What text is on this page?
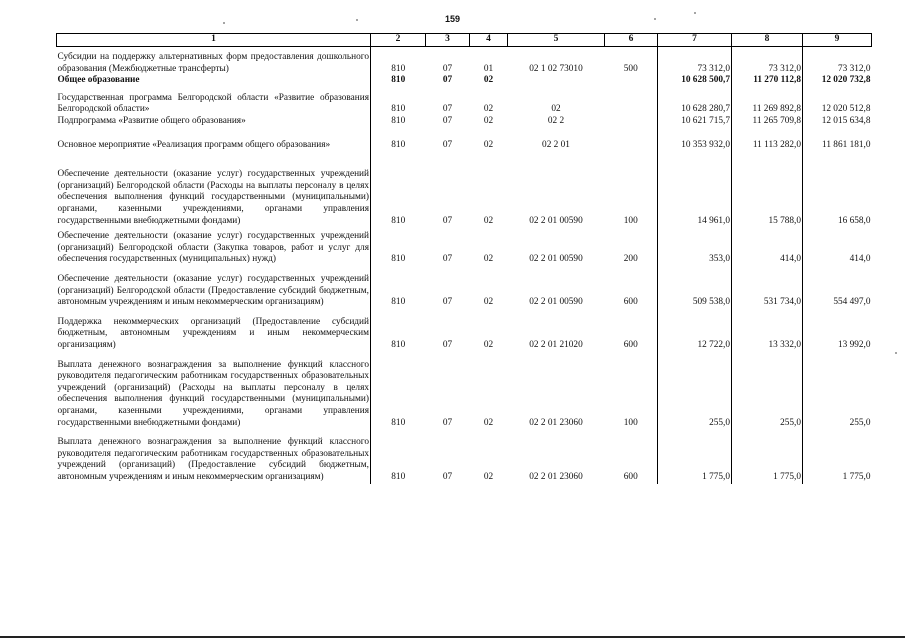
159
1	2	3	4	5	6	7	8	9

Субсидии на поддержку альтернативных форм предоставления дошкольного образования (Межбюджетные трансферты)	810	07	01	02 1 02 73010	500	73 312,0	73 312,0	73 312,0
Общее образование	810	07	02			10 628 500,7	11 270 112,8	12 020 732,8

Государственная программа Белгородской области «Развитие образования Белгородской области»	810	07	02	02		10 628 280,7	11 269 892,8	12 020 512,8
Подпрограмма «Развитие общего образования»	810	07	02	02 2		10 621 715,7	11 265 709,8	12 015 634,8

Основное мероприятие «Реализация программ общего образования»	810	07	02	02 2 01		10 353 932,0	11 113 282,0	11 861 181,0

Обеспечение деятельности (оказание услуг) государственных учреждений (организаций) Белгородской области (Расходы на выплаты персоналу в целях обеспечения выполнения функций государственными (муниципальными) органами, казенными учреждениями, органами управления государственными внебюджетными фондами)	810	07	02	02 2 01 00590	100	14 961,0	15 788,0	16 658,0

Обеспечение деятельности (оказание услуг) государственных учреждений (организаций) Белгородской области (Закупка товаров, работ и услуг для обеспечения государственных (муниципальных) нужд)	810	07	02	02 2 01 00590	200	353,0	414,0	414,0

Обеспечение деятельности (оказание услуг) государственных учреждений (организаций) Белгородской области (Предоставление субсидий бюджетным, автономным учреждениям и иным некоммерческим организациям)	810	07	02	02 2 01 00590	600	509 538,0	531 734,0	554 497,0

Поддержка некоммерческих организаций (Предоставление субсидий бюджетным, автономным учреждениям и иным некоммерческим организациям)	810	07	02	02 2 01 21020	600	12 722,0	13 332,0	13 992,0

Выплата денежного вознаграждения за выполнение функций классного руководителя педагогическим работникам государственных образовательных учреждений (организаций) (Расходы на выплаты персоналу в целях обеспечения выполнения функций государственными (муниципальными) органами, казенными учреждениями, органами управления государственными внебюджетными фондами)	810	07	02	02 2 01 23060	100	255,0	255,0	255,0

Выплата денежного вознаграждения за выполнение функций классного руководителя педагогическим работникам государственных образовательных учреждений (организаций) (Предоставление субсидий бюджетным, автономным учреждениям и иным некоммерческим организациям)	810	07	02	02 2 01 23060	600	1 775,0	1 775,0	1 775,0
